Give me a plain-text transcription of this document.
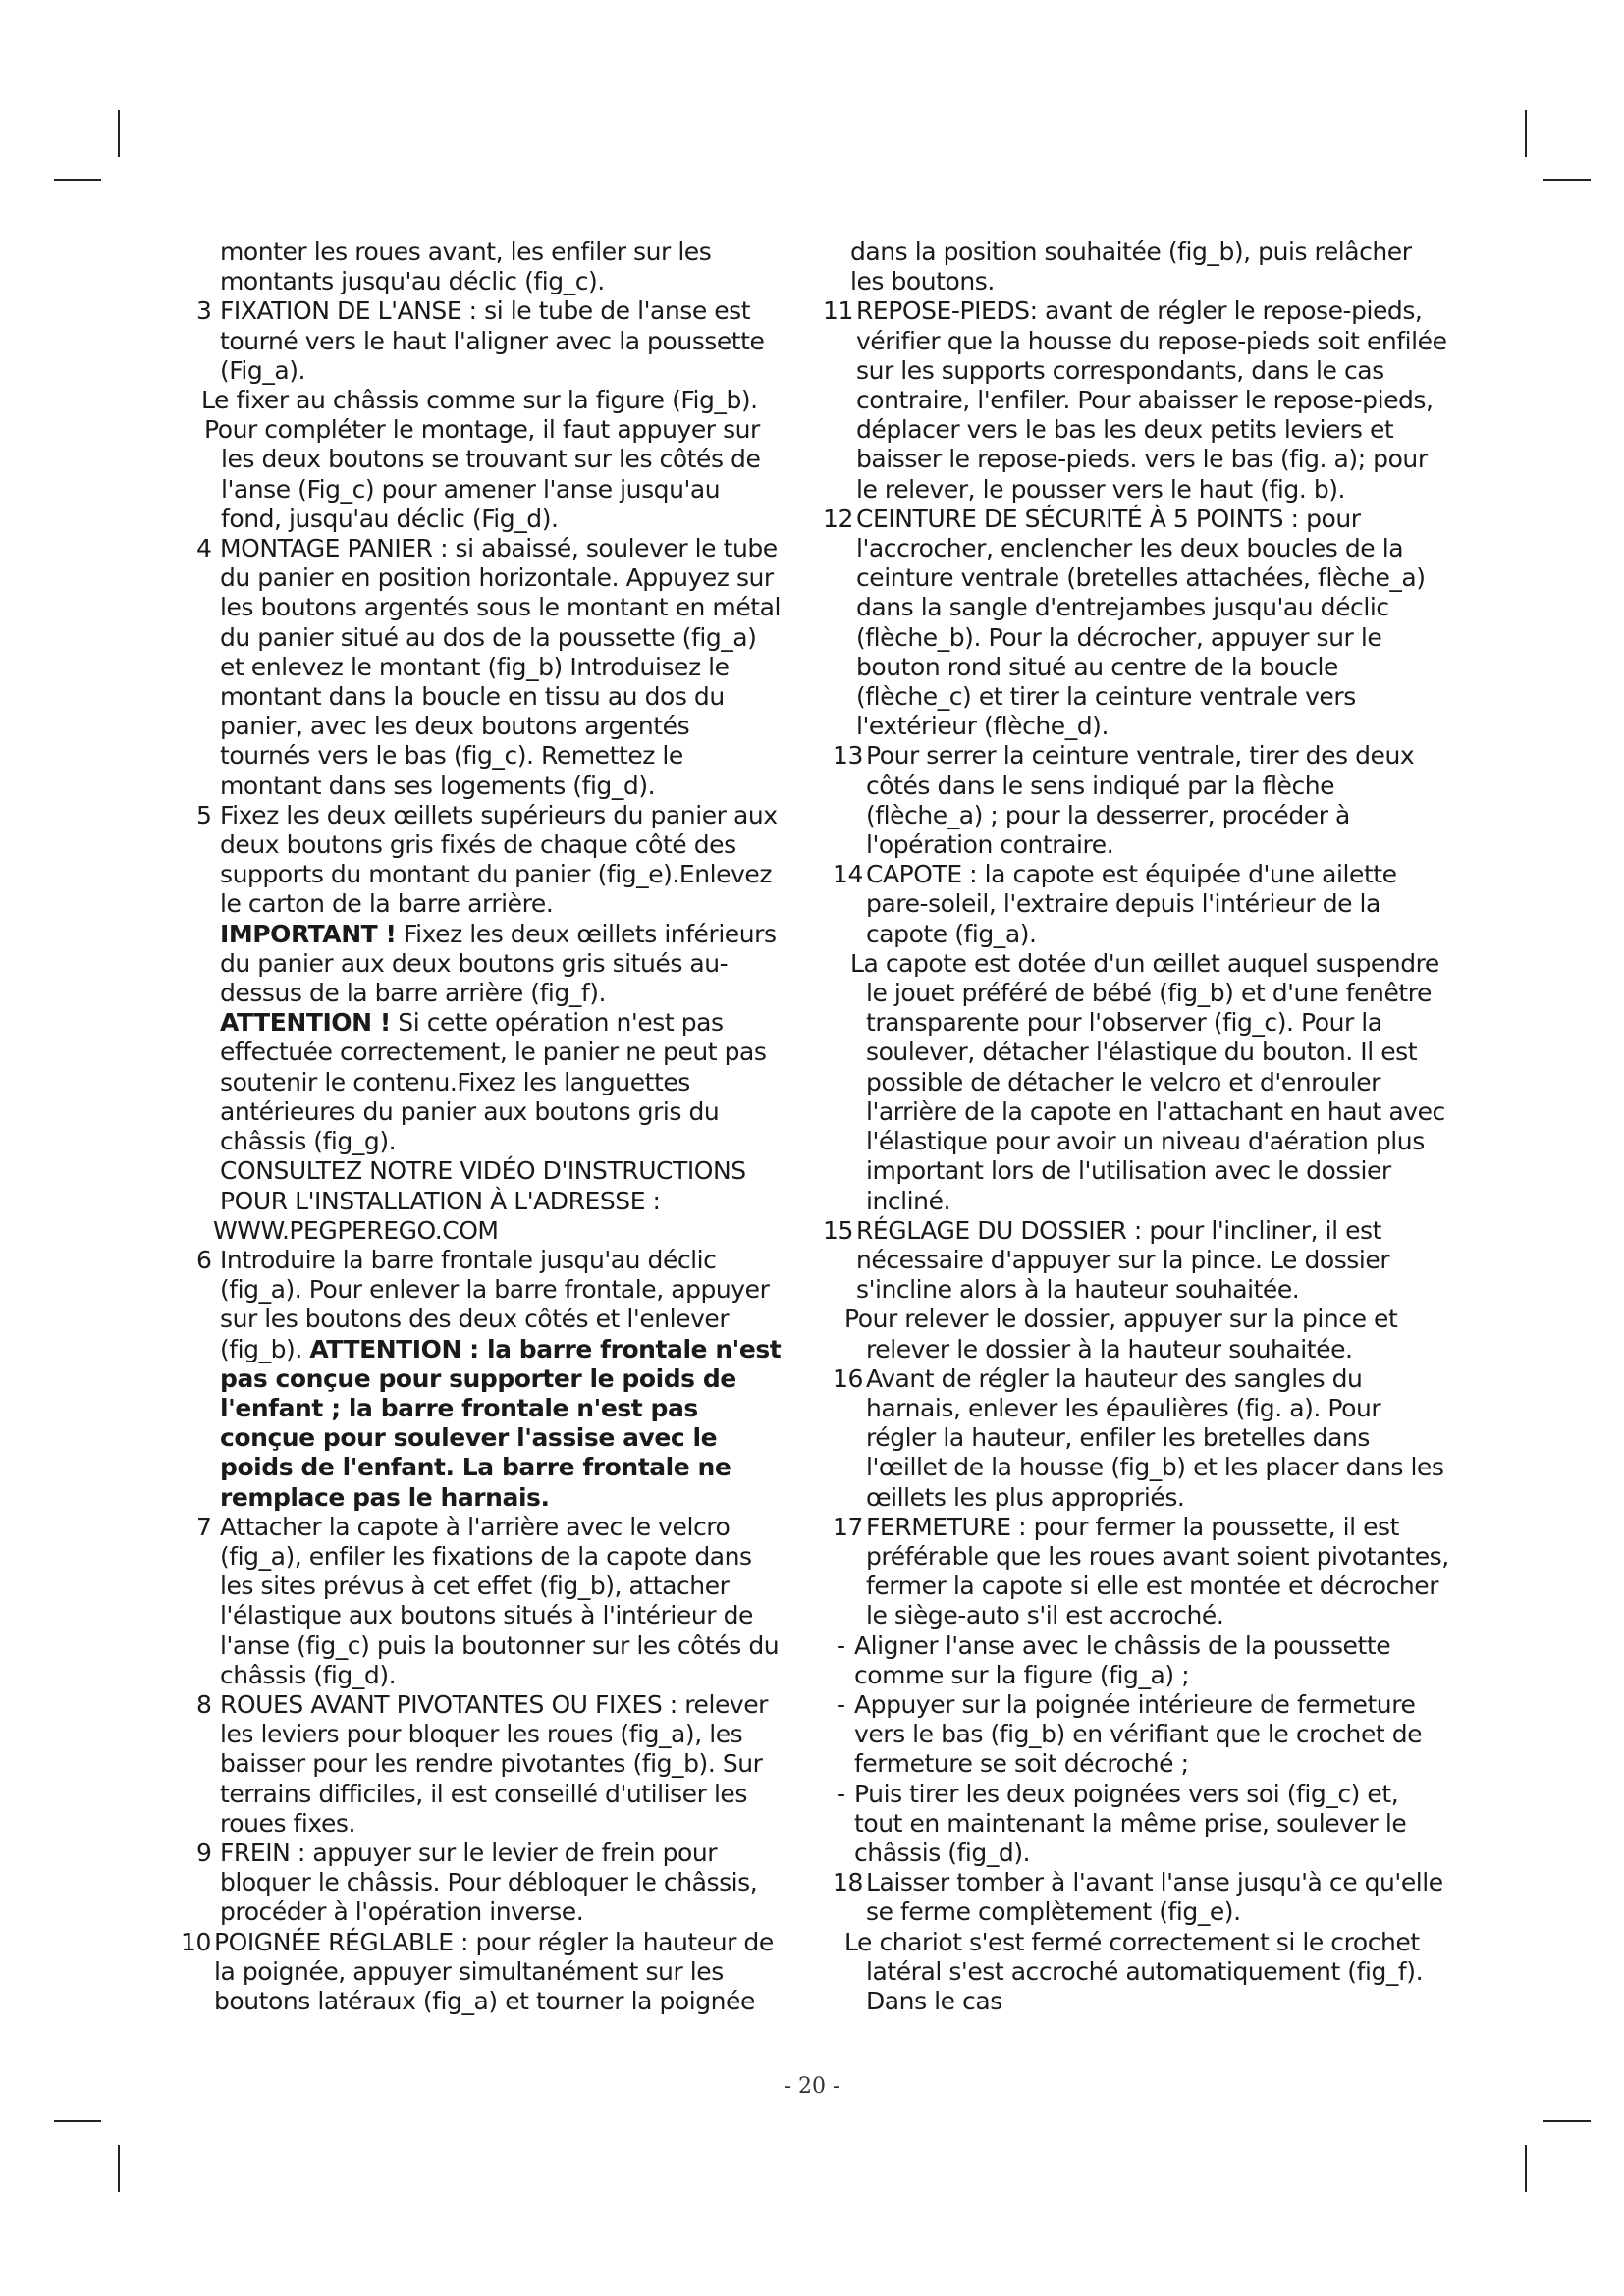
monter les roues avant, les enfiler sur les montants jusqu'au déclic (fig_c).
3 FIXATION DE L'ANSE : si le tube de l'anse est tourné vers le haut l'aligner avec la poussette (Fig_a).
Le fixer au châssis comme sur la figure (Fig_b).
Pour compléter le montage, il faut appuyer sur les deux boutons se trouvant sur les côtés de l'anse (Fig_c) pour amener l'anse jusqu'au fond, jusqu'au déclic (Fig_d).
4 MONTAGE PANIER : si abaissé, soulever le tube du panier en position horizontale. Appuyez sur les boutons argentés sous le montant en métal du panier situé au dos de la poussette (fig_a) et enlevez le montant (fig_b) Introduisez le montant dans la boucle en tissu au dos du panier, avec les deux boutons argentés tournés vers le bas (fig_c). Remettez le montant dans ses logements (fig_d).
5 Fixez les deux œillets supérieurs du panier aux deux boutons gris fixés de chaque côté des supports du montant du panier (fig_e).Enlevez le carton de la barre arrière.
IMPORTANT ! Fixez les deux œillets inférieurs du panier aux deux boutons gris situés au-dessus de la barre arrière (fig_f).
ATTENTION ! Si cette opération n'est pas effectuée correctement, le panier ne peut pas soutenir le contenu.Fixez les languettes antérieures du panier aux boutons gris du châssis (fig_g).
CONSULTEZ NOTRE VIDÉO D'INSTRUCTIONS POUR L'INSTALLATION À L'ADRESSE :
WWW.PEGPEREGO.COM
6 Introduire la barre frontale jusqu'au déclic (fig_a). Pour enlever la barre frontale, appuyer sur les boutons des deux côtés et l'enlever (fig_b). ATTENTION : la barre frontale n'est pas conçue pour supporter le poids de l'enfant ; la barre frontale n'est pas conçue pour soulever l'assise avec le poids de l'enfant. La barre frontale ne remplace pas le harnais.
7 Attacher la capote à l'arrière avec le velcro (fig_a), enfiler les fixations de la capote dans les sites prévus à cet effet (fig_b), attacher l'élastique aux boutons situés à l'intérieur de l'anse (fig_c) puis la boutonner sur les côtés du châssis (fig_d).
8 ROUES AVANT PIVOTANTES OU FIXES : relever les leviers pour bloquer les roues (fig_a), les baisser pour les rendre pivotantes (fig_b). Sur terrains difficiles, il est conseillé d'utiliser les roues fixes.
9 FREIN : appuyer sur le levier de frein pour bloquer le châssis. Pour débloquer le châssis, procéder à l'opération inverse.
10 POIGNÉE RÉGLABLE : pour régler la hauteur de la poignée, appuyer simultanément sur les boutons latéraux (fig_a) et tourner la poignée
dans la position souhaitée (fig_b), puis relâcher les boutons.
11 REPOSE-PIEDS: avant de régler le repose-pieds, vérifier que la housse du repose-pieds soit enfilée sur les supports correspondants, dans le cas contraire, l'enfiler. Pour abaisser le repose-pieds, déplacer vers le bas les deux petits leviers et baisser le repose-pieds. vers le bas (fig. a); pour le relever, le pousser vers le haut (fig. b).
12 CEINTURE DE SÉCURITÉ À 5 POINTS : pour l'accrocher, enclencher les deux boucles de la ceinture ventrale (bretelles attachées, flèche_a) dans la sangle d'entrejambes jusqu'au déclic (flèche_b). Pour la décrocher, appuyer sur le bouton rond situé au centre de la boucle (flèche_c) et tirer la ceinture ventrale vers l'extérieur (flèche_d).
13 Pour serrer la ceinture ventrale, tirer des deux côtés dans le sens indiqué par la flèche (flèche_a) ; pour la desserrer, procéder à l'opération contraire.
14 CAPOTE : la capote est équipée d'une ailette pare-soleil, l'extraire depuis l'intérieur de la capote (fig_a).
La capote est dotée d'un œillet auquel suspendre le jouet préféré de bébé (fig_b) et d'une fenêtre transparente pour l'observer (fig_c). Pour la soulever, détacher l'élastique du bouton. Il est possible de détacher le velcro et d'enrouler l'arrière de la capote en l'attachant en haut avec l'élastique pour avoir un niveau d'aération plus important lors de l'utilisation avec le dossier incliné.
15 RÉGLAGE DU DOSSIER : pour l'incliner, il est nécessaire d'appuyer sur la pince. Le dossier s'incline alors à la hauteur souhaitée.
Pour relever le dossier, appuyer sur la pince et relever le dossier à la hauteur souhaitée.
16 Avant de régler la hauteur des sangles du harnais, enlever les épaulières (fig. a). Pour régler la hauteur, enfiler les bretelles dans l'œillet de la housse (fig_b) et les placer dans les œillets les plus appropriés.
17 FERMETURE : pour fermer la poussette, il est préférable que les roues avant soient pivotantes, fermer la capote si elle est montée et décrocher le siège-auto s'il est accroché.
- Aligner l'anse avec le châssis de la poussette comme sur la figure (fig_a) ;
- Appuyer sur la poignée intérieure de fermeture vers le bas (fig_b) en vérifiant que le crochet de fermeture se soit décroché ;
- Puis tirer les deux poignées vers soi (fig_c) et, tout en maintenant la même prise, soulever le châssis (fig_d).
18 Laisser tomber à l'avant l'anse jusqu'à ce qu'elle se ferme complètement (fig_e).
Le chariot s'est fermé correctement si le crochet latéral s'est accroché automatiquement (fig_f). Dans le cas
- 20 -
